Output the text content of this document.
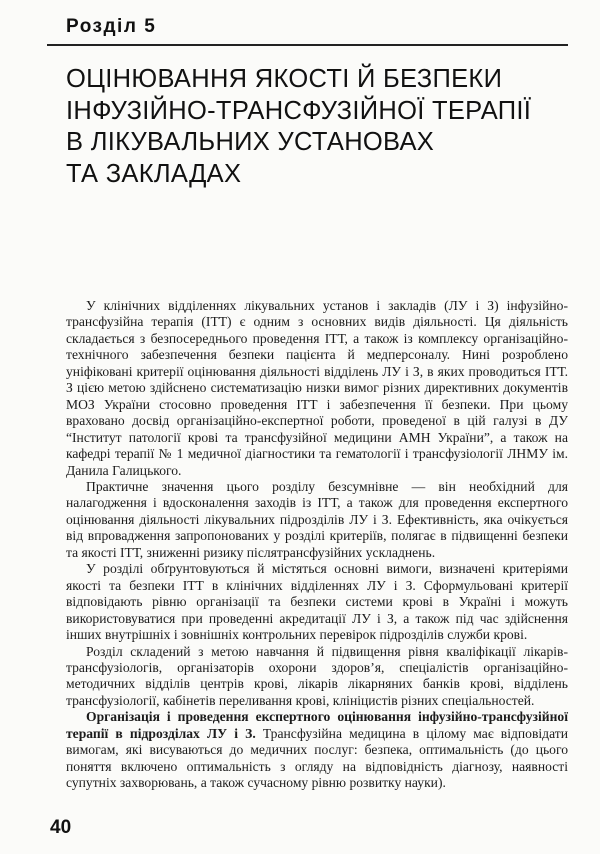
Розділ 5
ОЦІНЮВАННЯ ЯКОСТІ Й БЕЗПЕКИ
ІНФУЗІЙНО-ТРАНСФУЗІЙНОЇ ТЕРАПІЇ
В ЛІКУВАЛЬНИХ УСТАНОВАХ
ТА ЗАКЛАДАХ

У клінічних відділеннях лікувальних установ і закладів (ЛУ і З) інфузійно-трансфузійна терапія (ІТТ) є одним з основних видів діяльності. Ця діяльність складається з безпосереднього проведення ІТТ, а також із комплексу організаційно-технічного забезпечення безпеки пацієнта й медперсоналу. Нині розроблено уніфіковані критерії оцінювання діяльності відділень ЛУ і З, в яких проводиться ІТТ. З цією метою здійснено систематизацію низки вимог різних директивних документів МОЗ України стосовно проведення ІТТ і забезпечення її безпеки. При цьому враховано досвід організаційно-експертної роботи, проведеної в цій галузі в ДУ “Інститут патології крові та трансфузійної медицини АМН України”, а також на кафедрі терапії № 1 медичної діагностики та гематології і трансфузіології ЛНМУ ім. Данила Галицького.

Практичне значення цього розділу безсумнівне — він необхідний для налагодження і вдосконалення заходів із ІТТ, а також для проведення експертного оцінювання діяльності лікувальних підрозділів ЛУ і З. Ефективність, яка очікується від впровадження запропонованих у розділі критеріїв, полягає в підвищенні безпеки та якості ІТТ, зниженні ризику післятрансфузійних ускладнень.

У розділі обґрунтовуються й містяться основні вимоги, визначені критеріями якості та безпеки ІТТ в клінічних відділеннях ЛУ і З. Сформульовані критерії відповідають рівню організації та безпеки системи крові в Україні і можуть використовуватися при проведенні акредитації ЛУ і З, а також під час здійснення інших внутрішніх і зовнішніх контрольних перевірок підрозділів служби крові.

Розділ складений з метою навчання й підвищення рівня кваліфікації лікарів-трансфузіологів, організаторів охорони здоров’я, спеціалістів організаційно-методичних відділів центрів крові, лікарів лікарняних банків крові, відділень трансфузіології, кабінетів переливання крові, клініцистів різних спеціальностей.

Організація і проведення експертного оцінювання інфузійно-трансфузійної терапії в підрозділах ЛУ і З. Трансфузійна медицина в цілому має відповідати вимогам, які висуваються до медичних послуг: безпека, оптимальність (до цього поняття включено оптимальність з огляду на відповідність діагнозу, наявності супутніх захворювань, а також сучасному рівню розвитку науки).

40
